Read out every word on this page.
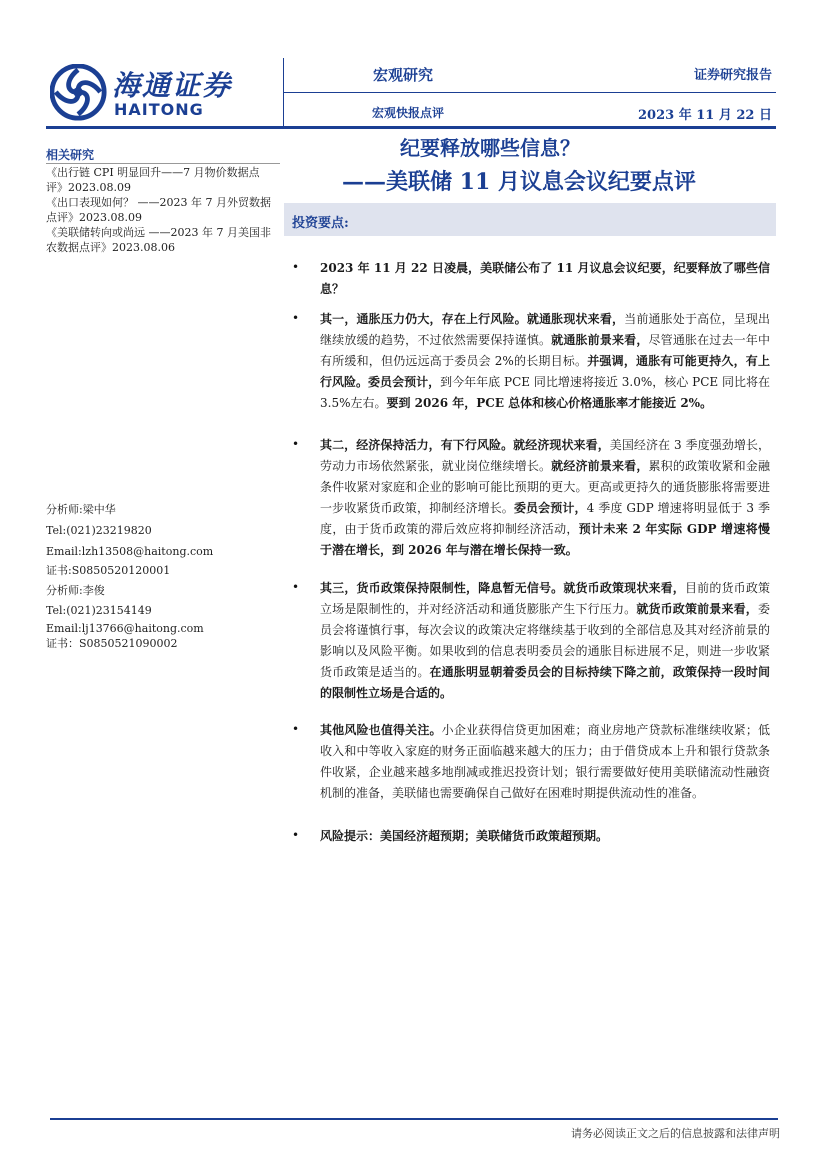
海通证券
HAITONG
宏观研究
宏观快报点评
证券研究报告
2023 年 11 月 22 日
相关研究
《出行链 CPI 明显回升——7 月物价数据点评》2023.08.09
《出口表现如何？ ——2023 年 7 月外贸数据点评》2023.08.09
《美联储转向或尚远 ——2023 年 7 月美国非农数据点评》2023.08.06
分析师:梁中华
Tel:(021)23219820
Email:lzh13508@haitong.com
证书:S0850520120001
分析师:李俊
Tel:(021)23154149
Email:lj13766@haitong.com
证书：S0850521090002
纪要释放哪些信息？
——美联储 11 月议息会议纪要点评
投资要点:
• 2023 年 11 月 22 日凌晨，美联储公布了 11 月议息会议纪要，纪要释放了哪些信息？
• 其一，通胀压力仍大，存在上行风险。就通胀现状来看，当前通胀处于高位，呈现出继续放缓的趋势，不过依然需要保持谨慎。就通胀前景来看，尽管通胀在过去一年中有所缓和，但仍远远高于委员会 2%的长期目标。并强调，通胀有可能更持久，有上行风险。委员会预计，到今年年底 PCE 同比增速将接近 3.0%，核心 PCE 同比将在 3.5%左右。要到 2026 年，PCE 总体和核心价格通胀率才能接近 2%。
• 其二，经济保持活力，有下行风险。就经济现状来看，美国经济在 3 季度强劲增长，劳动力市场依然紧张，就业岗位继续增长。就经济前景来看，累积的政策收紧和金融条件收紧对家庭和企业的影响可能比预期的更大。更高或更持久的通货膨胀将需要进一步收紧货币政策，抑制经济增长。委员会预计，4 季度 GDP 增速将明显低于 3 季度，由于货币政策的滞后效应将抑制经济活动，预计未来 2 年实际 GDP 增速将慢于潜在增长，到 2026 年与潜在增长保持一致。
• 其三，货币政策保持限制性，降息暂无信号。就货币政策现状来看，目前的货币政策立场是限制性的，并对经济活动和通货膨胀产生下行压力。就货币政策前景来看，委员会将谨慎行事，每次会议的政策决定将继续基于收到的全部信息及其对经济前景的影响以及风险平衡。如果收到的信息表明委员会的通胀目标进展不足，则进一步收紧货币政策是适当的。在通胀明显朝着委员会的目标持续下降之前，政策保持一段时间的限制性立场是合适的。
• 其他风险也值得关注。小企业获得信贷更加困难；商业房地产贷款标准继续收紧；低收入和中等收入家庭的财务正面临越来越大的压力；由于借贷成本上升和银行贷款条件收紧，企业越来越多地削减或推迟投资计划；银行需要做好使用美联储流动性融资机制的准备，美联储也需要确保自己做好在困难时期提供流动性的准备。
• 风险提示：美国经济超预期；美联储货币政策超预期。
请务必阅读正文之后的信息披露和法律声明
